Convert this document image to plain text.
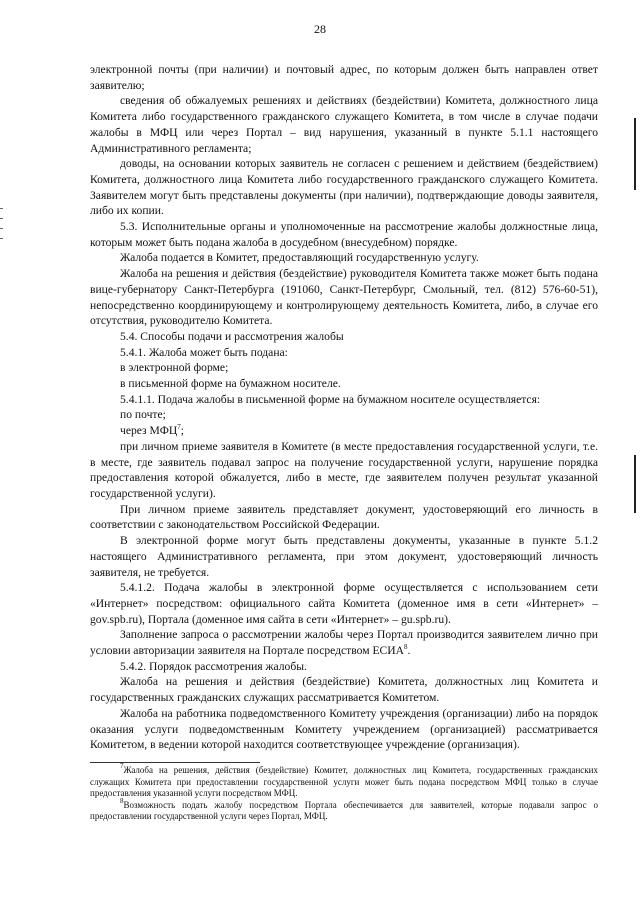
28

электронной почты (при наличии) и почтовый адрес, по которым должен быть направлен ответ заявителю;

сведения об обжалуемых решениях и действиях (бездействии) Комитета, должностного лица Комитета либо государственного гражданского служащего Комитета, в том числе в случае подачи жалобы в МФЦ или через Портал – вид нарушения, указанный в пункте 5.1.1 настоящего Административного регламента;

доводы, на основании которых заявитель не согласен с решением и действием (бездействием) Комитета, должностного лица Комитета либо государственного гражданского служащего Комитета. Заявителем могут быть представлены документы (при наличии), подтверждающие доводы заявителя, либо их копии.

5.3. Исполнительные органы и уполномоченные на рассмотрение жалобы должностные лица, которым может быть подана жалоба в досудебном (внесудебном) порядке.

Жалоба подается в Комитет, предоставляющий государственную услугу.

Жалоба на решения и действия (бездействие) руководителя Комитета также может быть подана вице-губернатору Санкт-Петербурга (191060, Санкт-Петербург, Смольный, тел. (812) 576-60-51), непосредственно координирующему и контролирующему деятельность Комитета, либо, в случае его отсутствия, руководителю Комитета.

5.4. Способы подачи и рассмотрения жалобы

5.4.1. Жалоба может быть подана:

в электронной форме;

в письменной форме на бумажном носителе.

5.4.1.1. Подача жалобы в письменной форме на бумажном носителе осуществляется:

по почте;

через МФЦ$^7$;

при личном приеме заявителя в Комитете (в месте предоставления государственной услуги, т.е. в месте, где заявитель подавал запрос на получение государственной услуги, нарушение порядка предоставления которой обжалуется, либо в месте, где заявителем получен результат указанной государственной услуги).

При личном приеме заявитель представляет документ, удостоверяющий его личность в соответствии с законодательством Российской Федерации.

В электронной форме могут быть представлены документы, указанные в пункте 5.1.2 настоящего Административного регламента, при этом документ, удостоверяющий личность заявителя, не требуется.

5.4.1.2. Подача жалобы в электронной форме осуществляется с использованием сети «Интернет» посредством: официального сайта Комитета (доменное имя в сети «Интернет» – gov.spb.ru), Портала (доменное имя сайта в сети «Интернет» – gu.spb.ru).

Заполнение запроса о рассмотрении жалобы через Портал производится заявителем лично при условии авторизации заявителя на Портале посредством ЕСИА$^8$.

5.4.2. Порядок рассмотрения жалобы.

Жалоба на решения и действия (бездействие) Комитета, должностных лиц Комитета и государственных гражданских служащих рассматривается Комитетом.

Жалоба на работника подведомственного Комитету учреждения (организации) либо на порядок оказания услуги подведомственным Комитету учреждением (организацией) рассматривается Комитетом, в ведении которой находится соответствующее учреждение (организация).

$^7$Жалоба на решения, действия (бездействие) Комитет, должностных лиц Комитета, государственных гражданских служащих Комитета при предоставлении государственной услуги может быть подана посредством МФЦ только в случае предоставления указанной услуги посредством МФЦ.

$^8$Возможность подать жалобу посредством Портала обеспечивается для заявителей, которые подавали запрос о предоставлении государственной услуги через Портал, МФЦ.
